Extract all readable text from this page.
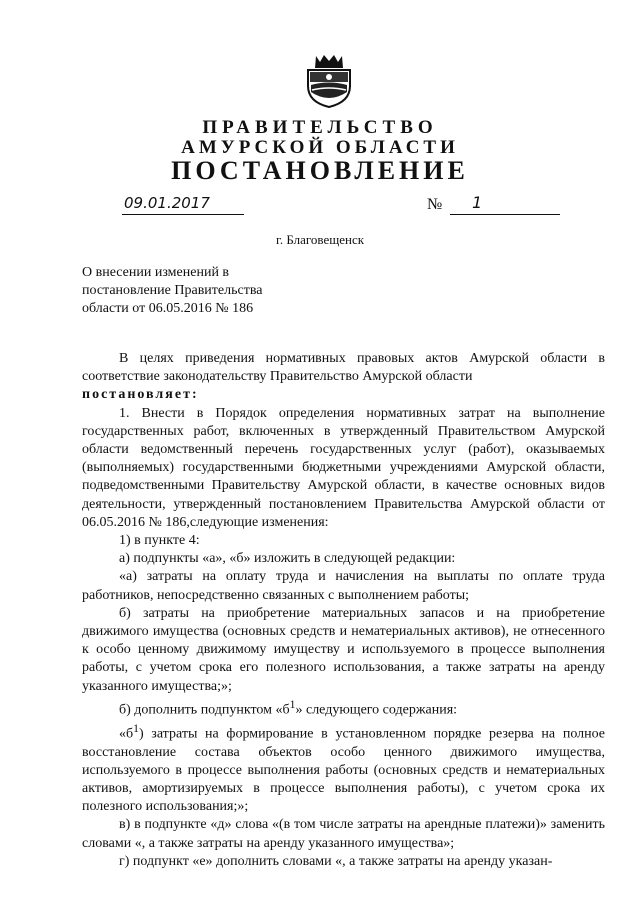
ПРАВИТЕЛЬСТВО
АМУРСКОЙ ОБЛАСТИ
ПОСТАНОВЛЕНИЕ
09.01.2017	№	1
г. Благовещенск
О внесении изменений в
постановление Правительства
области от 06.05.2016 № 186

В целях приведения нормативных правовых актов Амурской области в соответствие законодательству Правительство Амурской области

постановляет:

1. Внести в Порядок определения нормативных затрат на выполнение государственных работ, включенных в утвержденный Правительством Амурской области ведомственный перечень государственных услуг (работ), оказываемых (выполняемых) государственными бюджетными учреждениями Амурской области, подведомственными Правительству Амурской области, в качестве основных видов деятельности, утвержденный постановлением Правительства Амурской области от 06.05.2016 № 186,следующие изменения:

1) в пункте 4:

а) подпункты «а», «б» изложить в следующей редакции:

«а) затраты на оплату труда и начисления на выплаты по оплате труда работников, непосредственно связанных с выполнением работы;

б) затраты на приобретение материальных запасов и на приобретение движимого имущества (основных средств и нематериальных активов), не отнесенного к особо ценному движимому имуществу и используемого в процессе выполнения работы, с учетом срока его полезного использования, а также затраты на аренду указанного имущества;»;

б) дополнить подпунктом «$б^1$» следующего содержания:

«$б^1$) затраты на формирование в установленном порядке резерва на полное восстановление состава объектов особо ценного движимого имущества, используемого в процессе выполнения работы (основных средств и нематериальных активов, амортизируемых в процессе выполнения работы), с учетом срока их полезного использования;»;

в) в подпункте «д» слова «(в том числе затраты на арендные платежи)» заменить словами «, а также затраты на аренду указанного имущества»;

г) подпункт «е» дополнить словами «, а также затраты на аренду указан-
